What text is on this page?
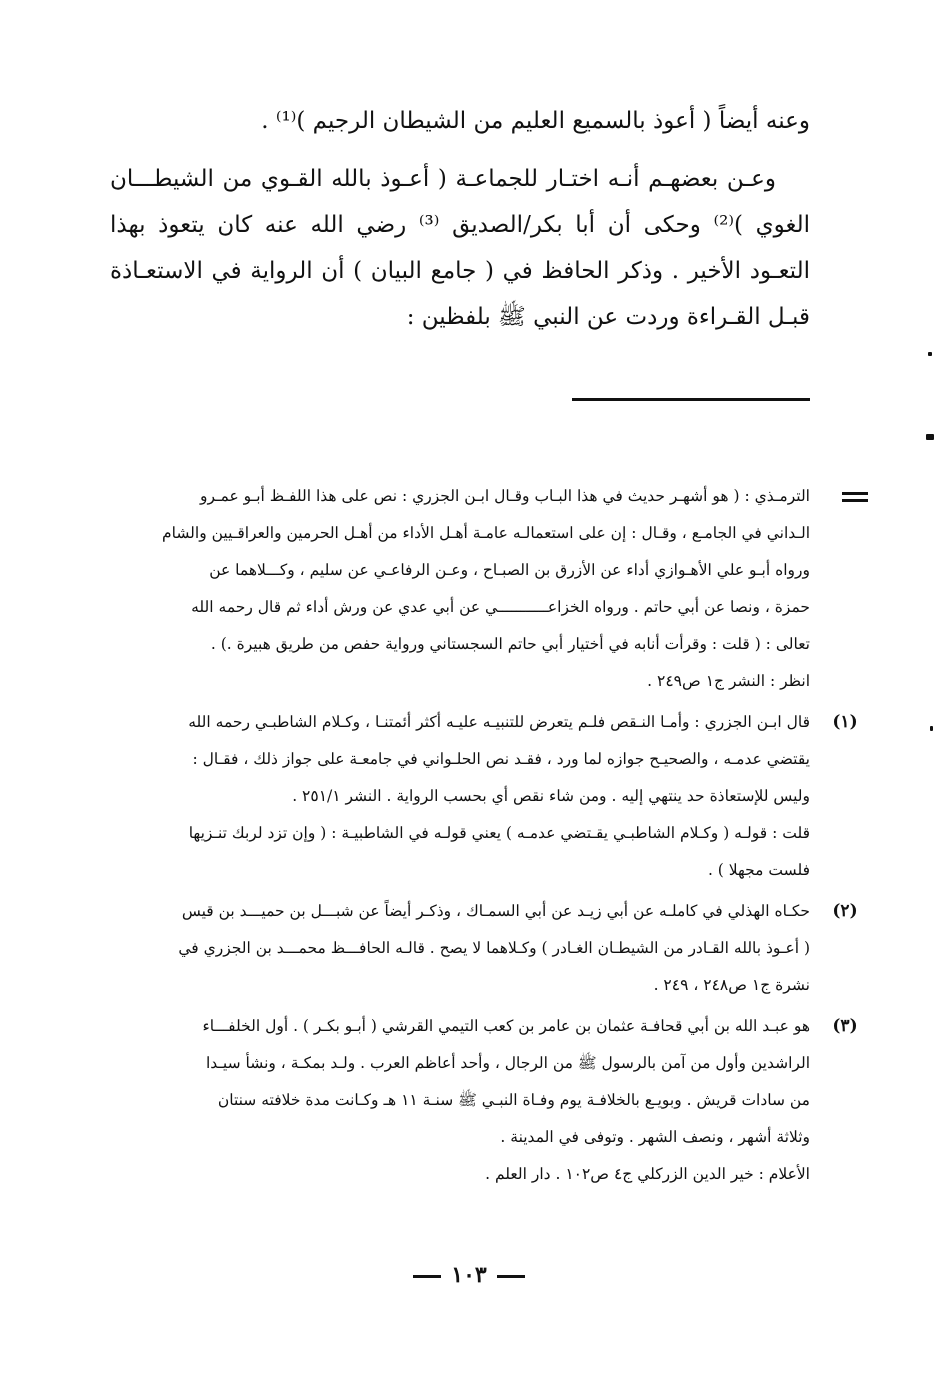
وعنه أيضاً ( أعوذ بالسميع العليم من الشيطان الرجيم )⁽¹⁾ .

وعـن بعضهـم أنـه اختـار للجماعـة ( أعـوذ بالله القـوي من الشيطـــان الغوي )⁽²⁾ وحكى أن أبا بكر/الصديق ⁽³⁾ رضي الله عنه كان يتعوذ بهذا التعـود الأخير . وذكر الحافظ في ( جامع البيان ) أن الرواية في الاستعـاذة قبـل القـراءة وردت عن النبي ﷺ بلفظين :

الترمـذي : ( هو أشهـر حديث في هذا البـاب وقـال ابـن الجزري : نص على هذا اللفـظ أبـو عمـرو
الـداني في الجامـع ، وقـال : إن على استعمالـه عامـة أهـل الأداء من أهـل الحرمين والعراقـيين والشام
ورواه أبـو علي الأهـوازي أداء عن الأزرق بن الصبـاح ، وعـن الرفاعـي عن سليم ، وكـــلاهما عن
حمزة ، ونصا عن أبي حاتم . ورواه الخزاعـــــــــــي عن أبي عدي عن ورش أداء ثم قال رحمه الله
تعالى : ( قلت : وقرأت أنابه في أختيار أبي حاتم السجستاني ورواية حفص من طريق هبيرة .) .
انظر : النشر ج١ ص٢٤٩ .
(١)
قال ابـن الجزري : وأمـا النـقص فلـم يتعرض للتنبيـه عليـه أكثر أئمتنـا ، وكـلام الشاطبـي رحمه الله
يقتضي عدمـه ، والصحيـح جوازه لما ورد ، فقـد نص الحلـواني في جامعـة على جواز ذلك ، فقـال :
وليس للإستعاذة حد ينتهي إليه . ومن شاء نقص أي بحسب الرواية . النشر ٢٥١/١ .
قلت : قولـه ( وكـلام الشاطبـي يقـتضي عدمـه ) يعني قولـه في الشاطبيـة : ( وإن تزد لربك تنـزيها
فلست مجهلا ) .
(٢)
حكـاه الهذلي في كاملـه عن أبي زيـد عن أبي السمـاك ، وذكـر أيضاً عن شبـــل بن حميـــد بن قيس
( أعـوذ بالله القـادر من الشيطـان الغـادر ) وكـلاهما لا يصح . قالـه الحافـــظ محمـــد بن الجزري في
نشرة ج١ ص٢٤٨ ، ٢٤٩ .
(٣)
هو عبـد الله بن أبي قحافـة عثمان بن عامر بن كعب التيمي القرشي ( أبـو بكـر ) . أول الخلفـــاء
الراشدين وأول من آمن بالرسول ﷺ من الرجال ، وأحد أعاظم العرب . ولـد بمكـة ، ونشأ سيـدا
من سادات قريش . وبويـع بالخلافـة يوم وفـاة النبـي ﷺ سنـة ١١ هـ وكـانت مدة خلافته سنتان
وثلاثة أشهر ، ونصف الشهر . وتوفى في المدينة .
الأعلام : خير الدين الزركلي ج٤ ص١٠٢ . دار العلم .
١٠٣
